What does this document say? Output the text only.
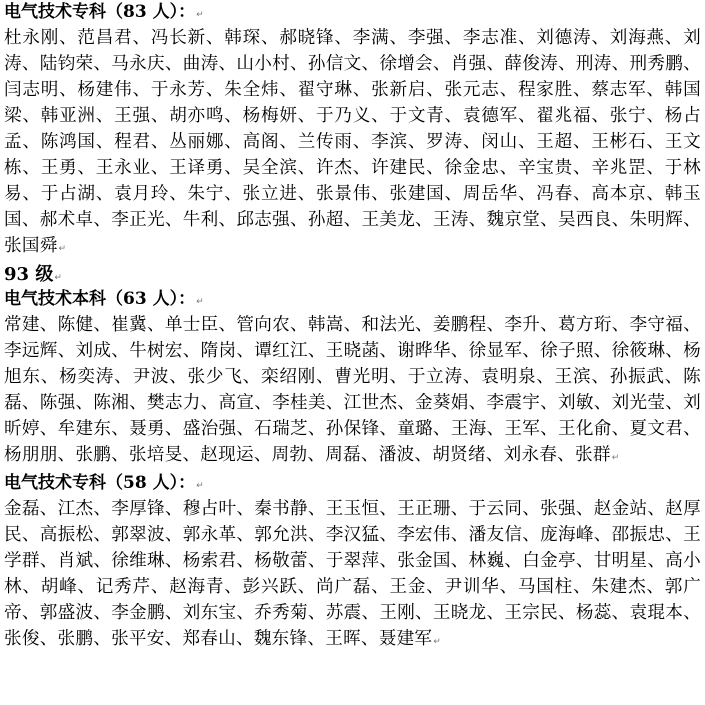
电气技术专科（83 人）：↵

杜永刚、范昌君、冯长新、韩琛、郝晓锋、李满、李强、李志准、刘德涛、刘海燕、刘涛、陆钧荣、马永庆、曲涛、山小村、孙信文、徐增会、肖强、薛俊涛、刑涛、刑秀鹏、闫志明、杨建伟、于永芳、朱全炜、翟守琳、张新启、张元志、程家胜、蔡志军、韩国梁、韩亚洲、王强、胡亦鸣、杨梅妍、于乃义、于文青、袁德军、翟兆福、张宁、杨占孟、陈鸿国、程君、丛丽娜、高阁、兰传雨、李滨、罗涛、闵山、王超、王彬石、王文栋、王勇、王永业、王译勇、吴全滨、许杰、许建民、徐金忠、辛宝贵、辛兆罡、于林易、于占湖、袁月玲、朱宁、张立进、张景伟、张建国、周岳华、冯春、高本京、韩玉国、郝术卓、李正光、牛利、邱志强、孙超、王美龙、王涛、魏京堂、吴西良、朱明辉、张国舜↵

93 级↵
电气技术本科（63 人）：↵

常建、陈健、崔冀、单士臣、管向农、韩嵩、和法光、姜鹏程、李升、葛方珩、李守福、李远辉、刘成、牛树宏、隋岗、谭红江、王晓菡、谢晔华、徐显军、徐子照、徐筱琳、杨旭东、杨奕涛、尹波、张少飞、栾绍刚、曹光明、于立涛、袁明泉、王滨、孙振武、陈磊、陈强、陈湘、樊志力、高宣、李桂美、江世杰、金葵娟、李震宇、刘敏、刘光莹、刘昕婷、牟建东、聂勇、盛治强、石瑞芝、孙保锋、童璐、王海、王军、王化俞、夏文君、杨朋朋、张鹏、张培旻、赵现运、周勃、周磊、潘波、胡贤绪、刘永春、张群↵

电气技术专科（58 人）：↵

金磊、江杰、李厚锋、穆占叶、秦书静、王玉恒、王正珊、于云同、张强、赵金站、赵厚民、高振松、郭翠波、郭永革、郭允洪、李汉猛、李宏伟、潘友信、庞海峰、邵振忠、王学群、肖斌、徐维琳、杨索君、杨敬蕾、于翠萍、张金国、林巍、白金亭、甘明星、高小林、胡峰、记秀芹、赵海青、彭兴跃、尚广磊、王金、尹训华、马国柱、朱建杰、郭广帝、郭盛波、李金鹏、刘东宝、乔秀菊、苏震、王刚、王晓龙、王宗民、杨蕊、袁琨本、张俊、张鹏、张平安、郑春山、魏东锋、王晖、聂建军↵
